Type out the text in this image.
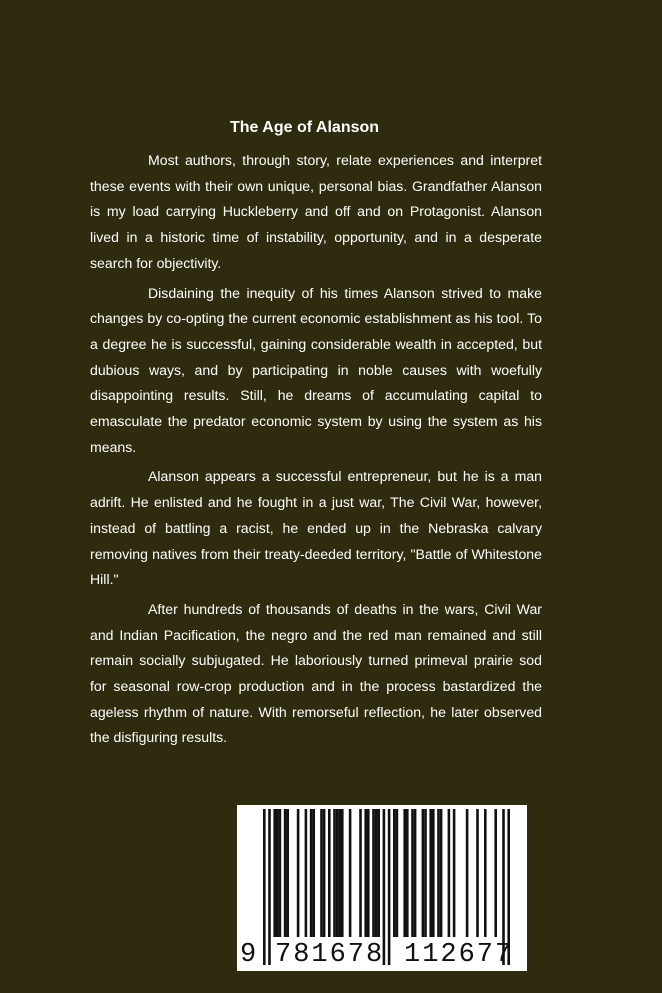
The Age of Alanson

Most authors, through story, relate experiences and interpret these events with their own unique, personal bias. Grandfather Alanson is my load carrying Huckleberry and off and on Protagonist. Alanson lived in a historic time of instability, opportunity, and in a desperate search for objectivity.

Disdaining the inequity of his times Alanson strived to make changes by co-opting the current economic establishment as his tool. To a degree he is successful, gaining considerable wealth in accepted, but dubious ways, and by participating in noble causes with woefully disappointing results. Still, he dreams of accumulating capital to emasculate the predator economic system by using the system as his means.

Alanson appears a successful entrepreneur, but he is a man adrift. He enlisted and he fought in a just war, The Civil War, however, instead of battling a racist, he ended up in the Nebraska calvary removing natives from their treaty-deeded territory, "Battle of Whitestone Hill."

After hundreds of thousands of deaths in the wars, Civil War and Indian Pacification, the negro and the red man remained and still remain socially subjugated. He laboriously turned primeval prairie sod for seasonal row-crop production and in the process bastardized the ageless rhythm of nature. With remorseful reflection, he later observed the disfiguring results.

9 781678 112677
